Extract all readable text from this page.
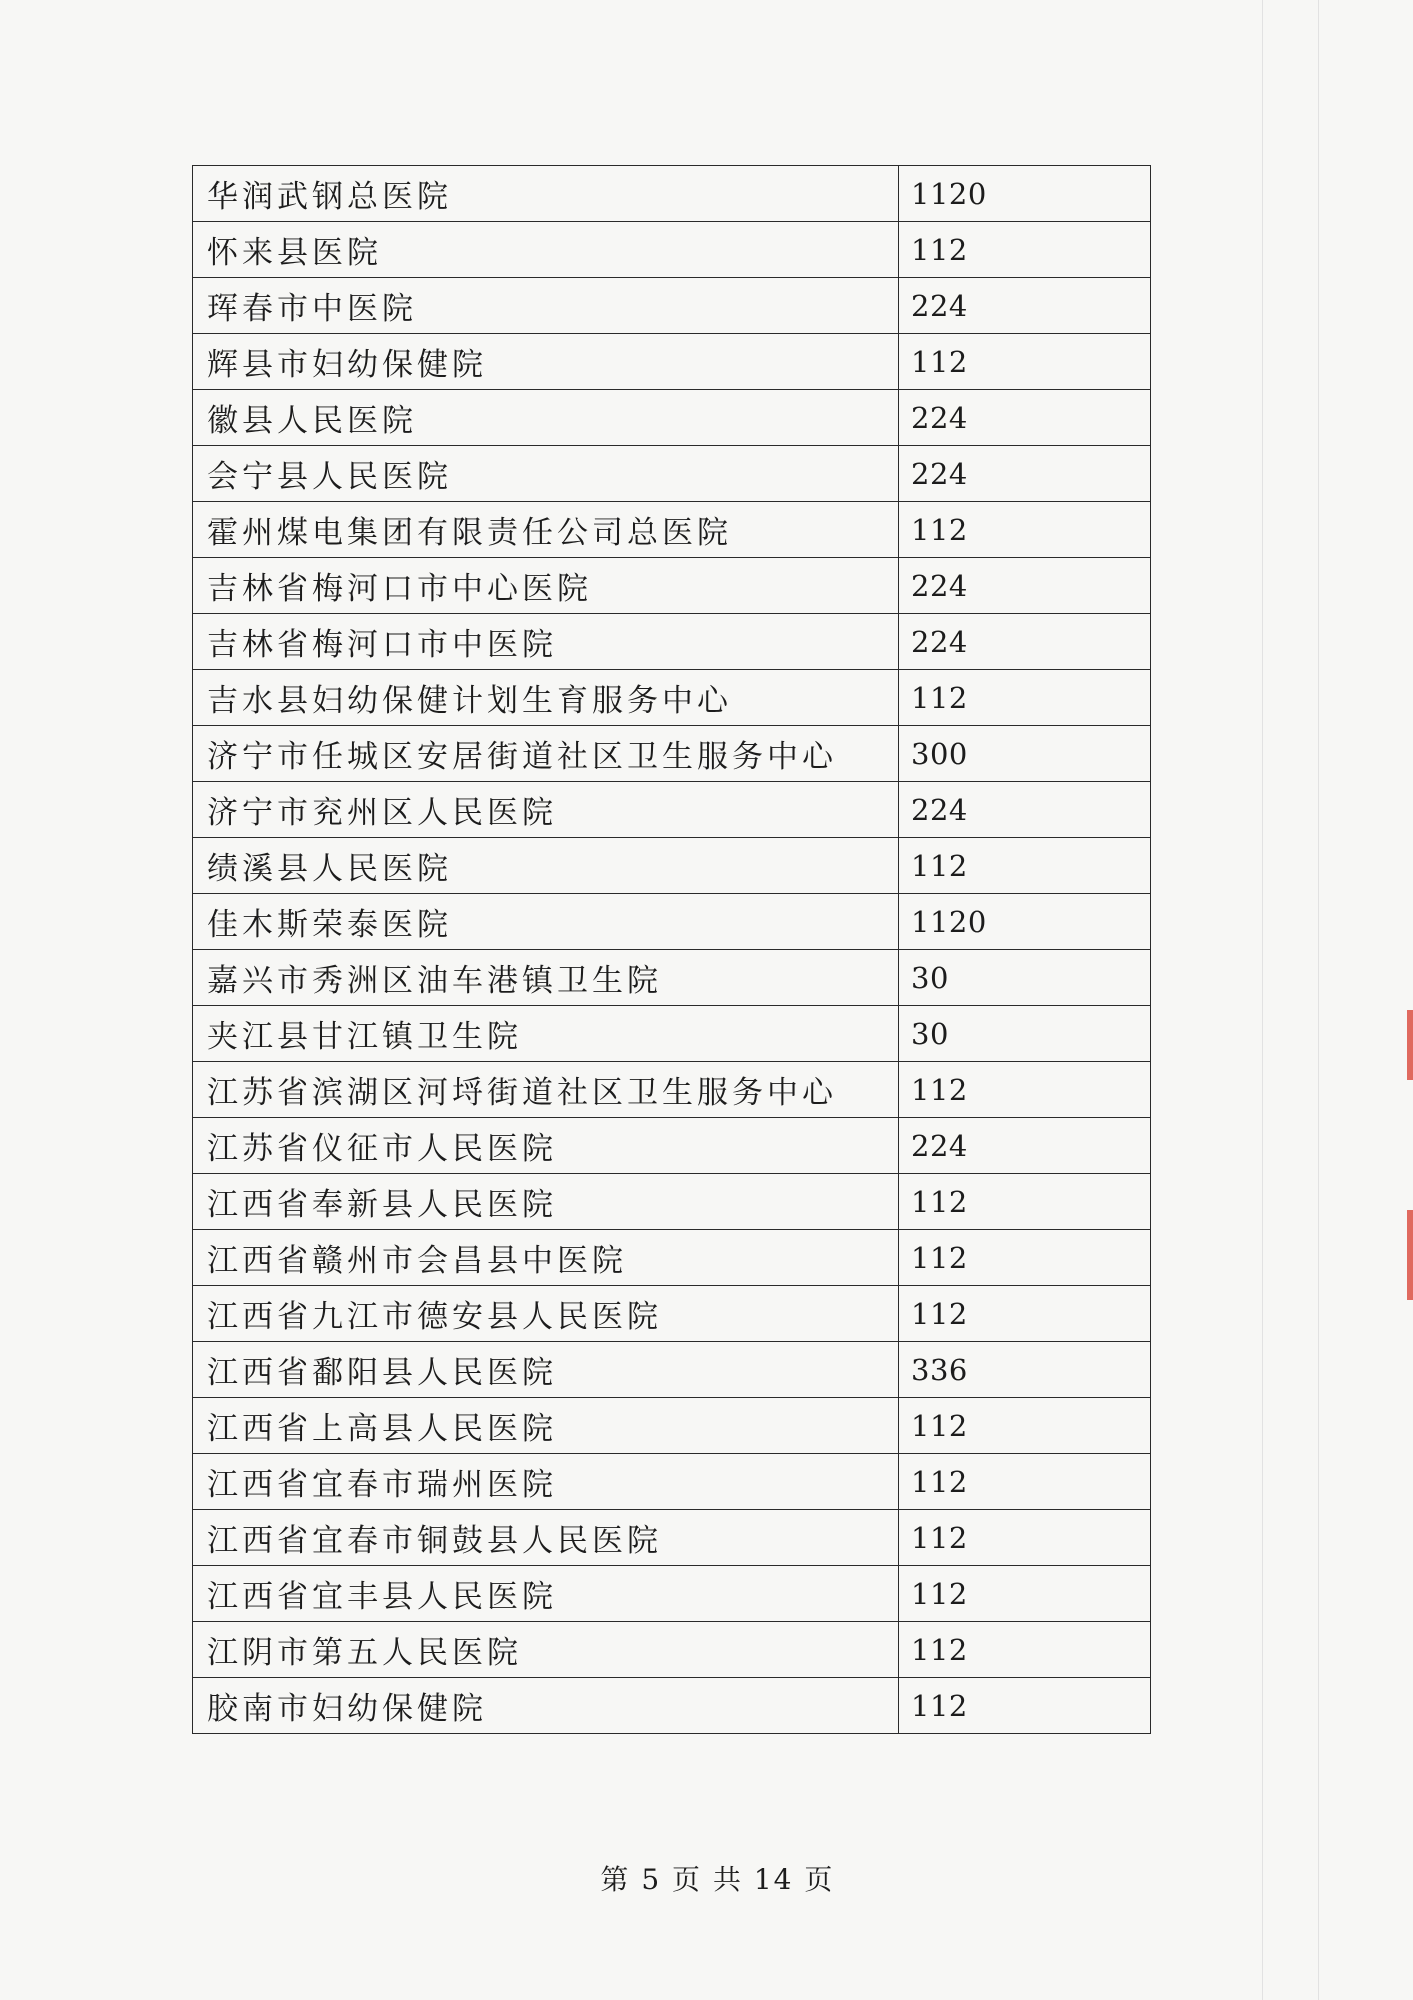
华润武钢总医院	1120
怀来县医院	112
珲春市中医院	224
辉县市妇幼保健院	112
徽县人民医院	224
会宁县人民医院	224
霍州煤电集团有限责任公司总医院	112
吉林省梅河口市中心医院	224
吉林省梅河口市中医院	224
吉水县妇幼保健计划生育服务中心	112
济宁市任城区安居街道社区卫生服务中心	300
济宁市兖州区人民医院	224
绩溪县人民医院	112
佳木斯荣泰医院	1120
嘉兴市秀洲区油车港镇卫生院	30
夹江县甘江镇卫生院	30
江苏省滨湖区河埒街道社区卫生服务中心	112
江苏省仪征市人民医院	224
江西省奉新县人民医院	112
江西省赣州市会昌县中医院	112
江西省九江市德安县人民医院	112
江西省鄱阳县人民医院	336
江西省上高县人民医院	112
江西省宜春市瑞州医院	112
江西省宜春市铜鼓县人民医院	112
江西省宜丰县人民医院	112
江阴市第五人民医院	112
胶南市妇幼保健院	112

第 5 页 共 14 页
